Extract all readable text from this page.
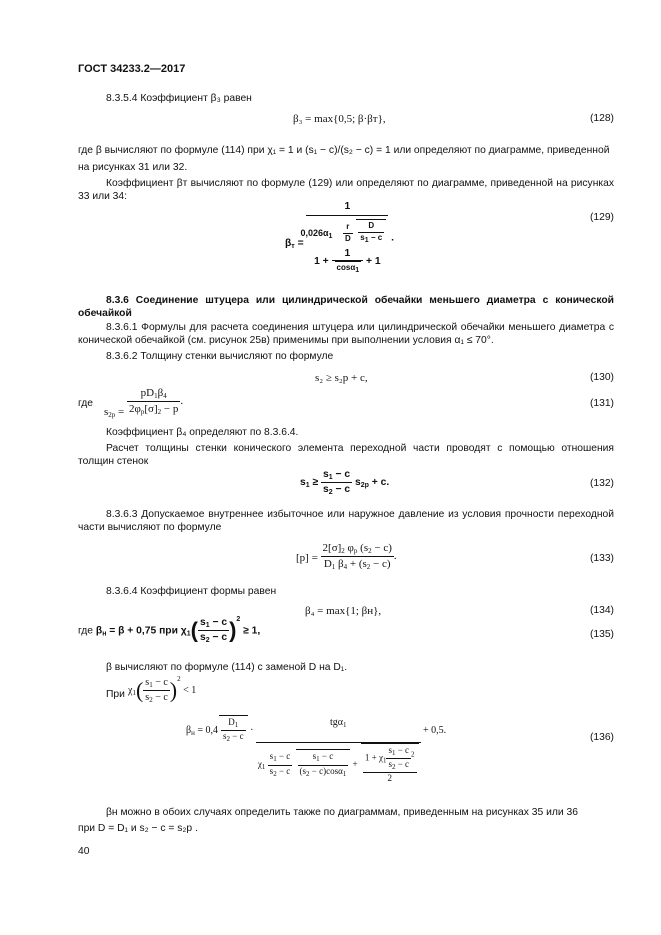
ГОСТ 34233.2—2017
8.3.5.4 Коэффициент β₃ равен
β₃ = max{0,5; β·βт},	(128)
где β вычисляют по формуле (114) при χ₁ = 1 и (s₁ − c)/(s₂ − c) = 1 или определяют по диаграмме, приведенной
на рисунках 31 или 32.
Коэффициент βт вычисляют по формуле (129) или определяют по диаграмме, приведенной на рисунках 33 или 34:
$\beta_т$ =
1
$0,026\alpha_1 \frac{r}{D}$
$\frac{D}{s_1 - c}$
$1 + \frac{1}{\cos\alpha_1} + 1$
.
(129)
8.3.6 Соединение штуцера или цилиндрической обечайки меньшего диаметра с конической обечайкой
8.3.6.1 Формулы для расчета соединения штуцера или цилиндрической обечайки меньшего диаметра с конической обечайкой (см. рисунок 25в) применимы при выполнении условия α₁ ≤ 70°.
8.3.6.2 Толщину стенки вычисляют по формуле
s₂ ≥ s₂p + c,	(130)
где
$s_{2p} = \frac{pD_1\beta_4}{2\varphi_p[\sigma]_2 - p}$ .	(131)
Коэффициент β₄ определяют по 8.3.6.4.
Расчет толщины стенки конического элемента переходной части проводят с помощью отношения толщин стенок
$s_1 \ge \frac{s_1 - c}{s_2 - c} s_{2p} + c$.	(132)
8.3.6.3 Допускаемое внутреннее избыточное или наружное давление из условия прочности переходной части вычисляют по формуле
$[p] = \frac{2[\sigma]_2 \varphi_p (s_2 - c)}{D_1 \beta_4 + (s_2 - c)}$ .	(133)
8.3.6.4 Коэффициент формы равен
β₄ = max{1; βн},	(134)
где $\beta_н = \beta + 0,75$ при $\chi_1( \frac{s_1 - c}{s_2 - c} )^2 \ge 1$,	(135)
β вычисляют по формуле (114) с заменой D на D₁.
При $\chi_1( \frac{s_1 - c}{s_2 - c} )^2 < 1$
$\beta_н = 0,4 \frac{D_1}{s_2 - c}$ ·
tgα$_1$
$\chi_1 \frac{s_1 - c}{s_2 - c}$
$\frac{s_1 - c}{(s_2 - c)\cos\alpha_1} + \frac{1 + \chi_1 \frac{s_1 - c}{s_2 - c} ^2}{2}$
+ 0,5.
(136)
βн можно в обоих случаях определить также по диаграммам, приведенным на рисунках 35 или 36
при D = D₁ и s₂ − c = s₂p .
40
